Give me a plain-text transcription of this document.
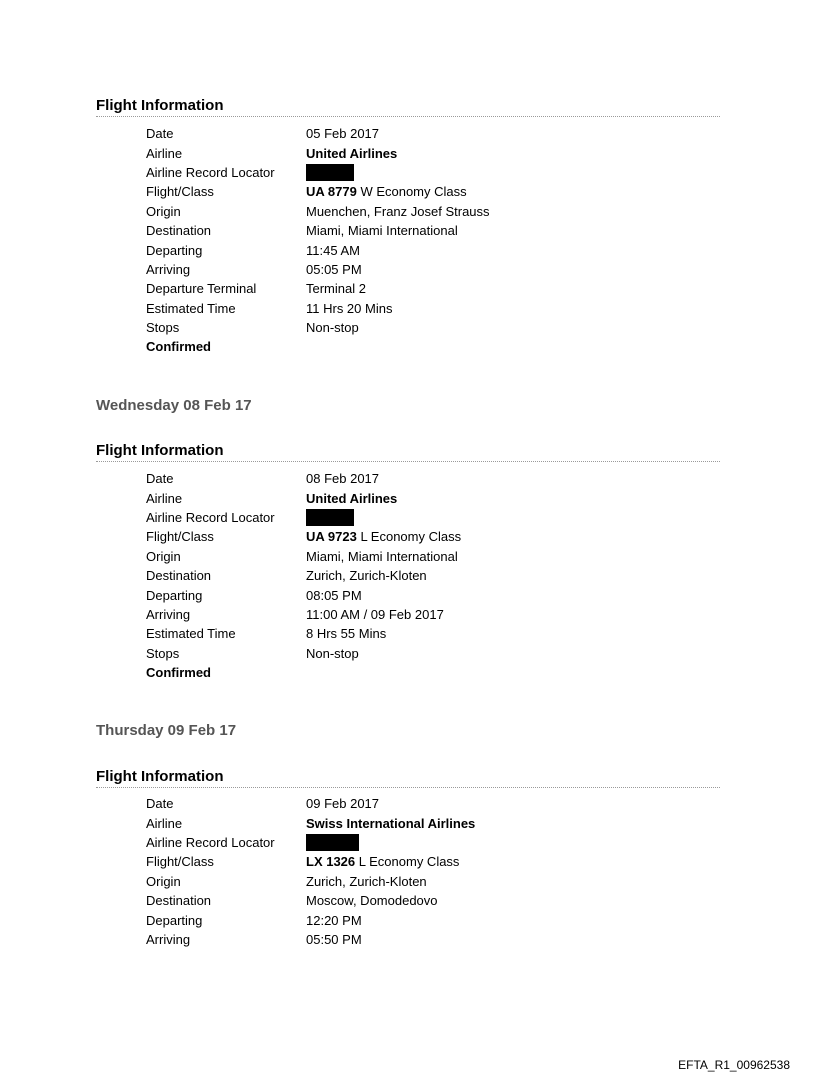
Flight Information
Date	05 Feb 2017
Airline	United Airlines
Airline Record Locator
Flight/Class	UA 8779 W Economy Class
Origin	Muenchen, Franz Josef Strauss
Destination	Miami, Miami International
Departing	11:45 AM
Arriving	05:05 PM
Departure Terminal	Terminal 2
Estimated Time	11 Hrs 20 Mins
Stops	Non-stop
Confirmed
Wednesday 08 Feb 17
Flight Information
Date	08 Feb 2017
Airline	United Airlines
Airline Record Locator
Flight/Class	UA 9723 L Economy Class
Origin	Miami, Miami International
Destination	Zurich, Zurich-Kloten
Departing	08:05 PM
Arriving	11:00 AM / 09 Feb 2017
Estimated Time	8 Hrs 55 Mins
Stops	Non-stop
Confirmed
Thursday 09 Feb 17
Flight Information
Date	09 Feb 2017
Airline	Swiss International Airlines
Airline Record Locator
Flight/Class	LX 1326 L Economy Class
Origin	Zurich, Zurich-Kloten
Destination	Moscow, Domodedovo
Departing	12:20 PM
Arriving	05:50 PM
EFTA_R1_00962538
